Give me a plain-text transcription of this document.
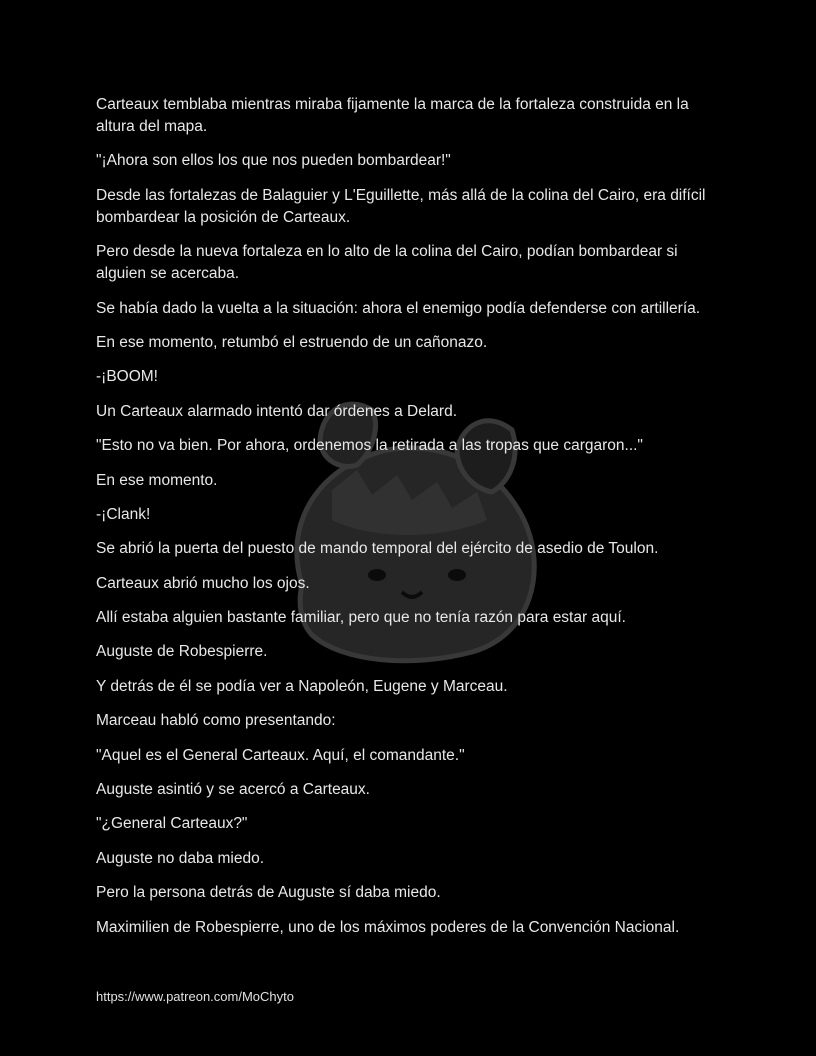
Carteaux temblaba mientras miraba fijamente la marca de la fortaleza construida en la altura del mapa.

"¡Ahora son ellos los que nos pueden bombardear!"

Desde las fortalezas de Balaguier y L'Eguillette, más allá de la colina del Cairo, era difícil bombardear la posición de Carteaux.

Pero desde la nueva fortaleza en lo alto de la colina del Cairo, podían bombardear si alguien se acercaba.

Se había dado la vuelta a la situación: ahora el enemigo podía defenderse con artillería.

En ese momento, retumbó el estruendo de un cañonazo.

-¡BOOM!

Un Carteaux alarmado intentó dar órdenes a Delard.

"Esto no va bien. Por ahora, ordenemos la retirada a las tropas que cargaron..."

En ese momento.

-¡Clank!

Se abrió la puerta del puesto de mando temporal del ejército de asedio de Toulon.

Carteaux abrió mucho los ojos.

Allí estaba alguien bastante familiar, pero que no tenía razón para estar aquí.

Auguste de Robespierre.

Y detrás de él se podía ver a Napoleón, Eugene y Marceau.

Marceau habló como presentando:

"Aquel es el General Carteaux. Aquí, el comandante."

Auguste asintió y se acercó a Carteaux.

"¿General Carteaux?"

Auguste no daba miedo.

Pero la persona detrás de Auguste sí daba miedo.

Maximilien de Robespierre, uno de los máximos poderes de la Convención Nacional.

https://www.patreon.com/MoChyto
